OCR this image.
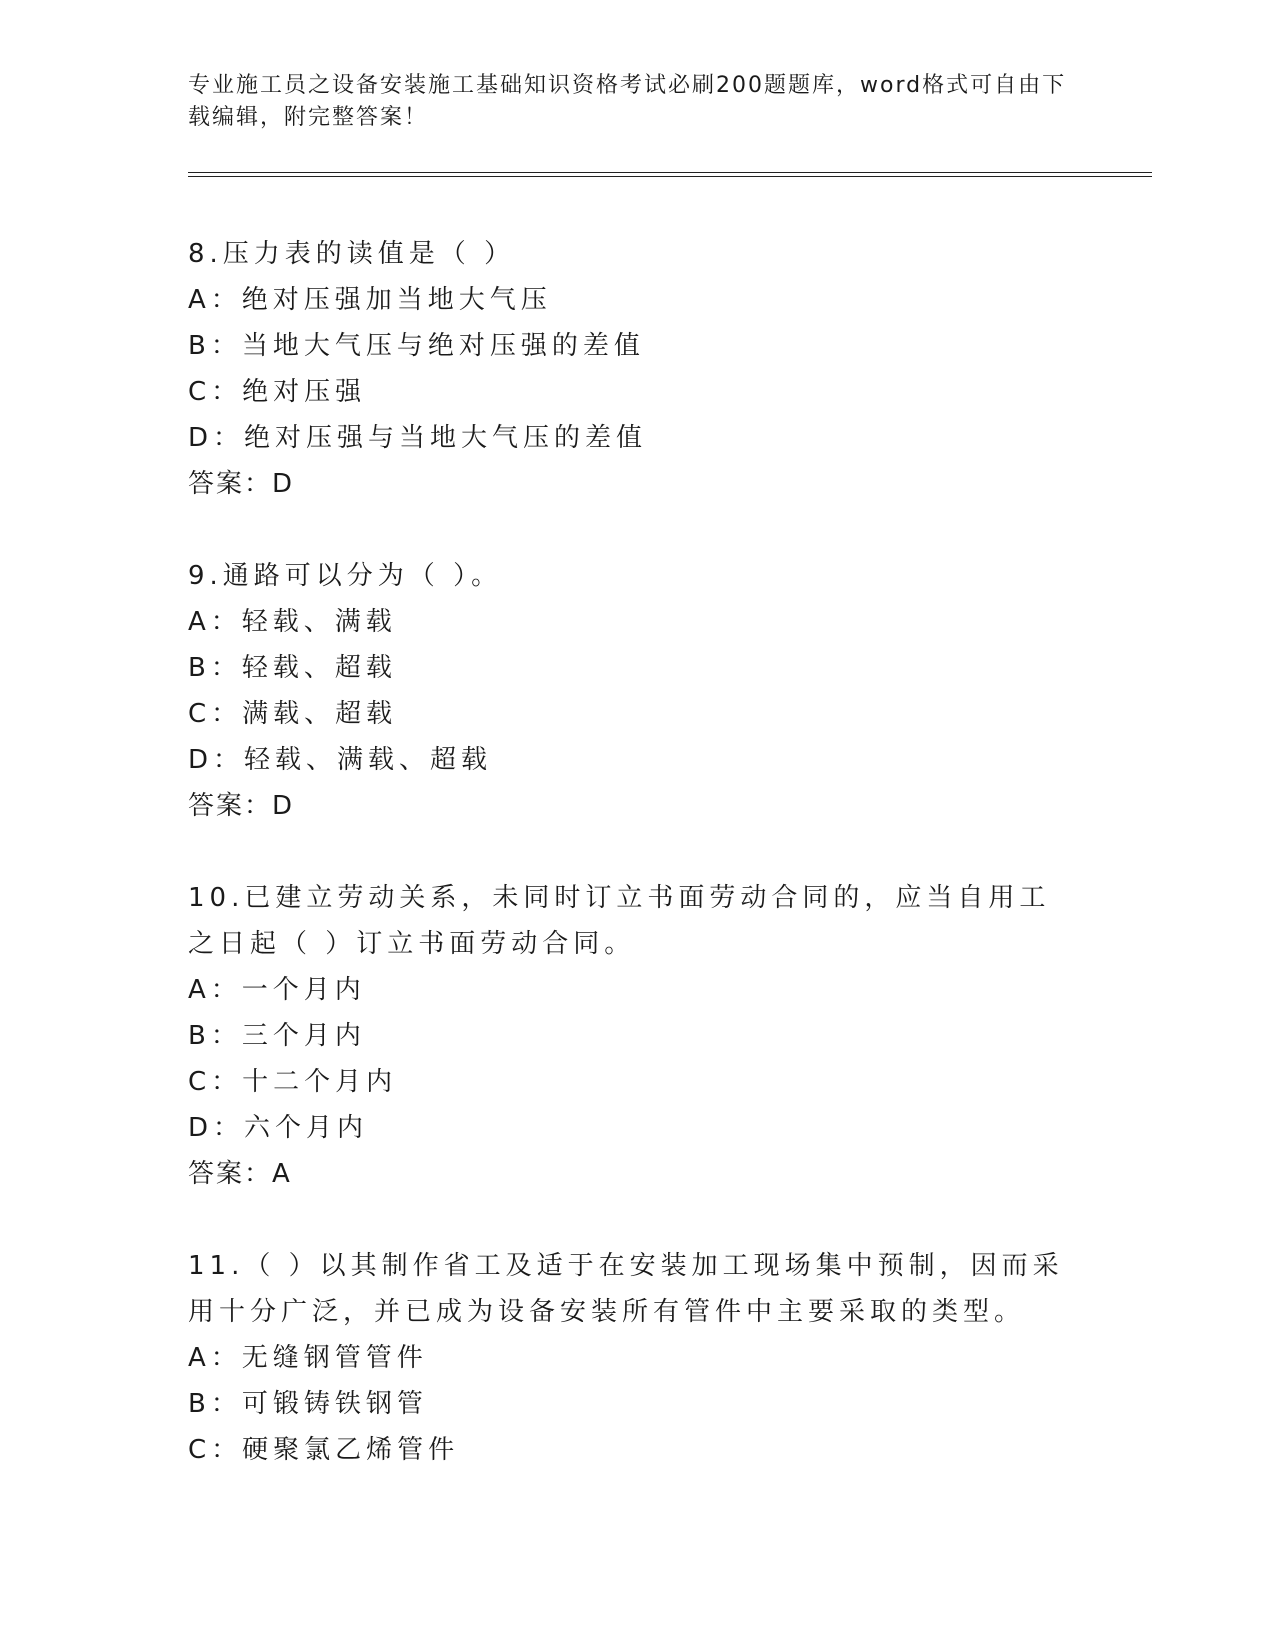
专业施工员之设备安装施工基础知识资格考试必刷200题题库，word格式可自由下载编辑，附完整答案！
8.压力表的读值是（ ）
A：绝对压强加当地大气压
B：当地大气压与绝对压强的差值
C：绝对压强
D：绝对压强与当地大气压的差值
答案：D
9.通路可以分为（ ）。
A：轻载、满载
B：轻载、超载
C：满载、超载
D：轻载、满载、超载
答案：D
10.已建立劳动关系，未同时订立书面劳动合同的，应当自用工之日起（ ）订立书面劳动合同。
A：一个月内
B：三个月内
C：十二个月内
D：六个月内
答案：A
11.（ ）以其制作省工及适于在安装加工现场集中预制，因而采用十分广泛，并已成为设备安装所有管件中主要采取的类型。
A：无缝钢管管件
B：可锻铸铁钢管
C：硬聚氯乙烯管件
